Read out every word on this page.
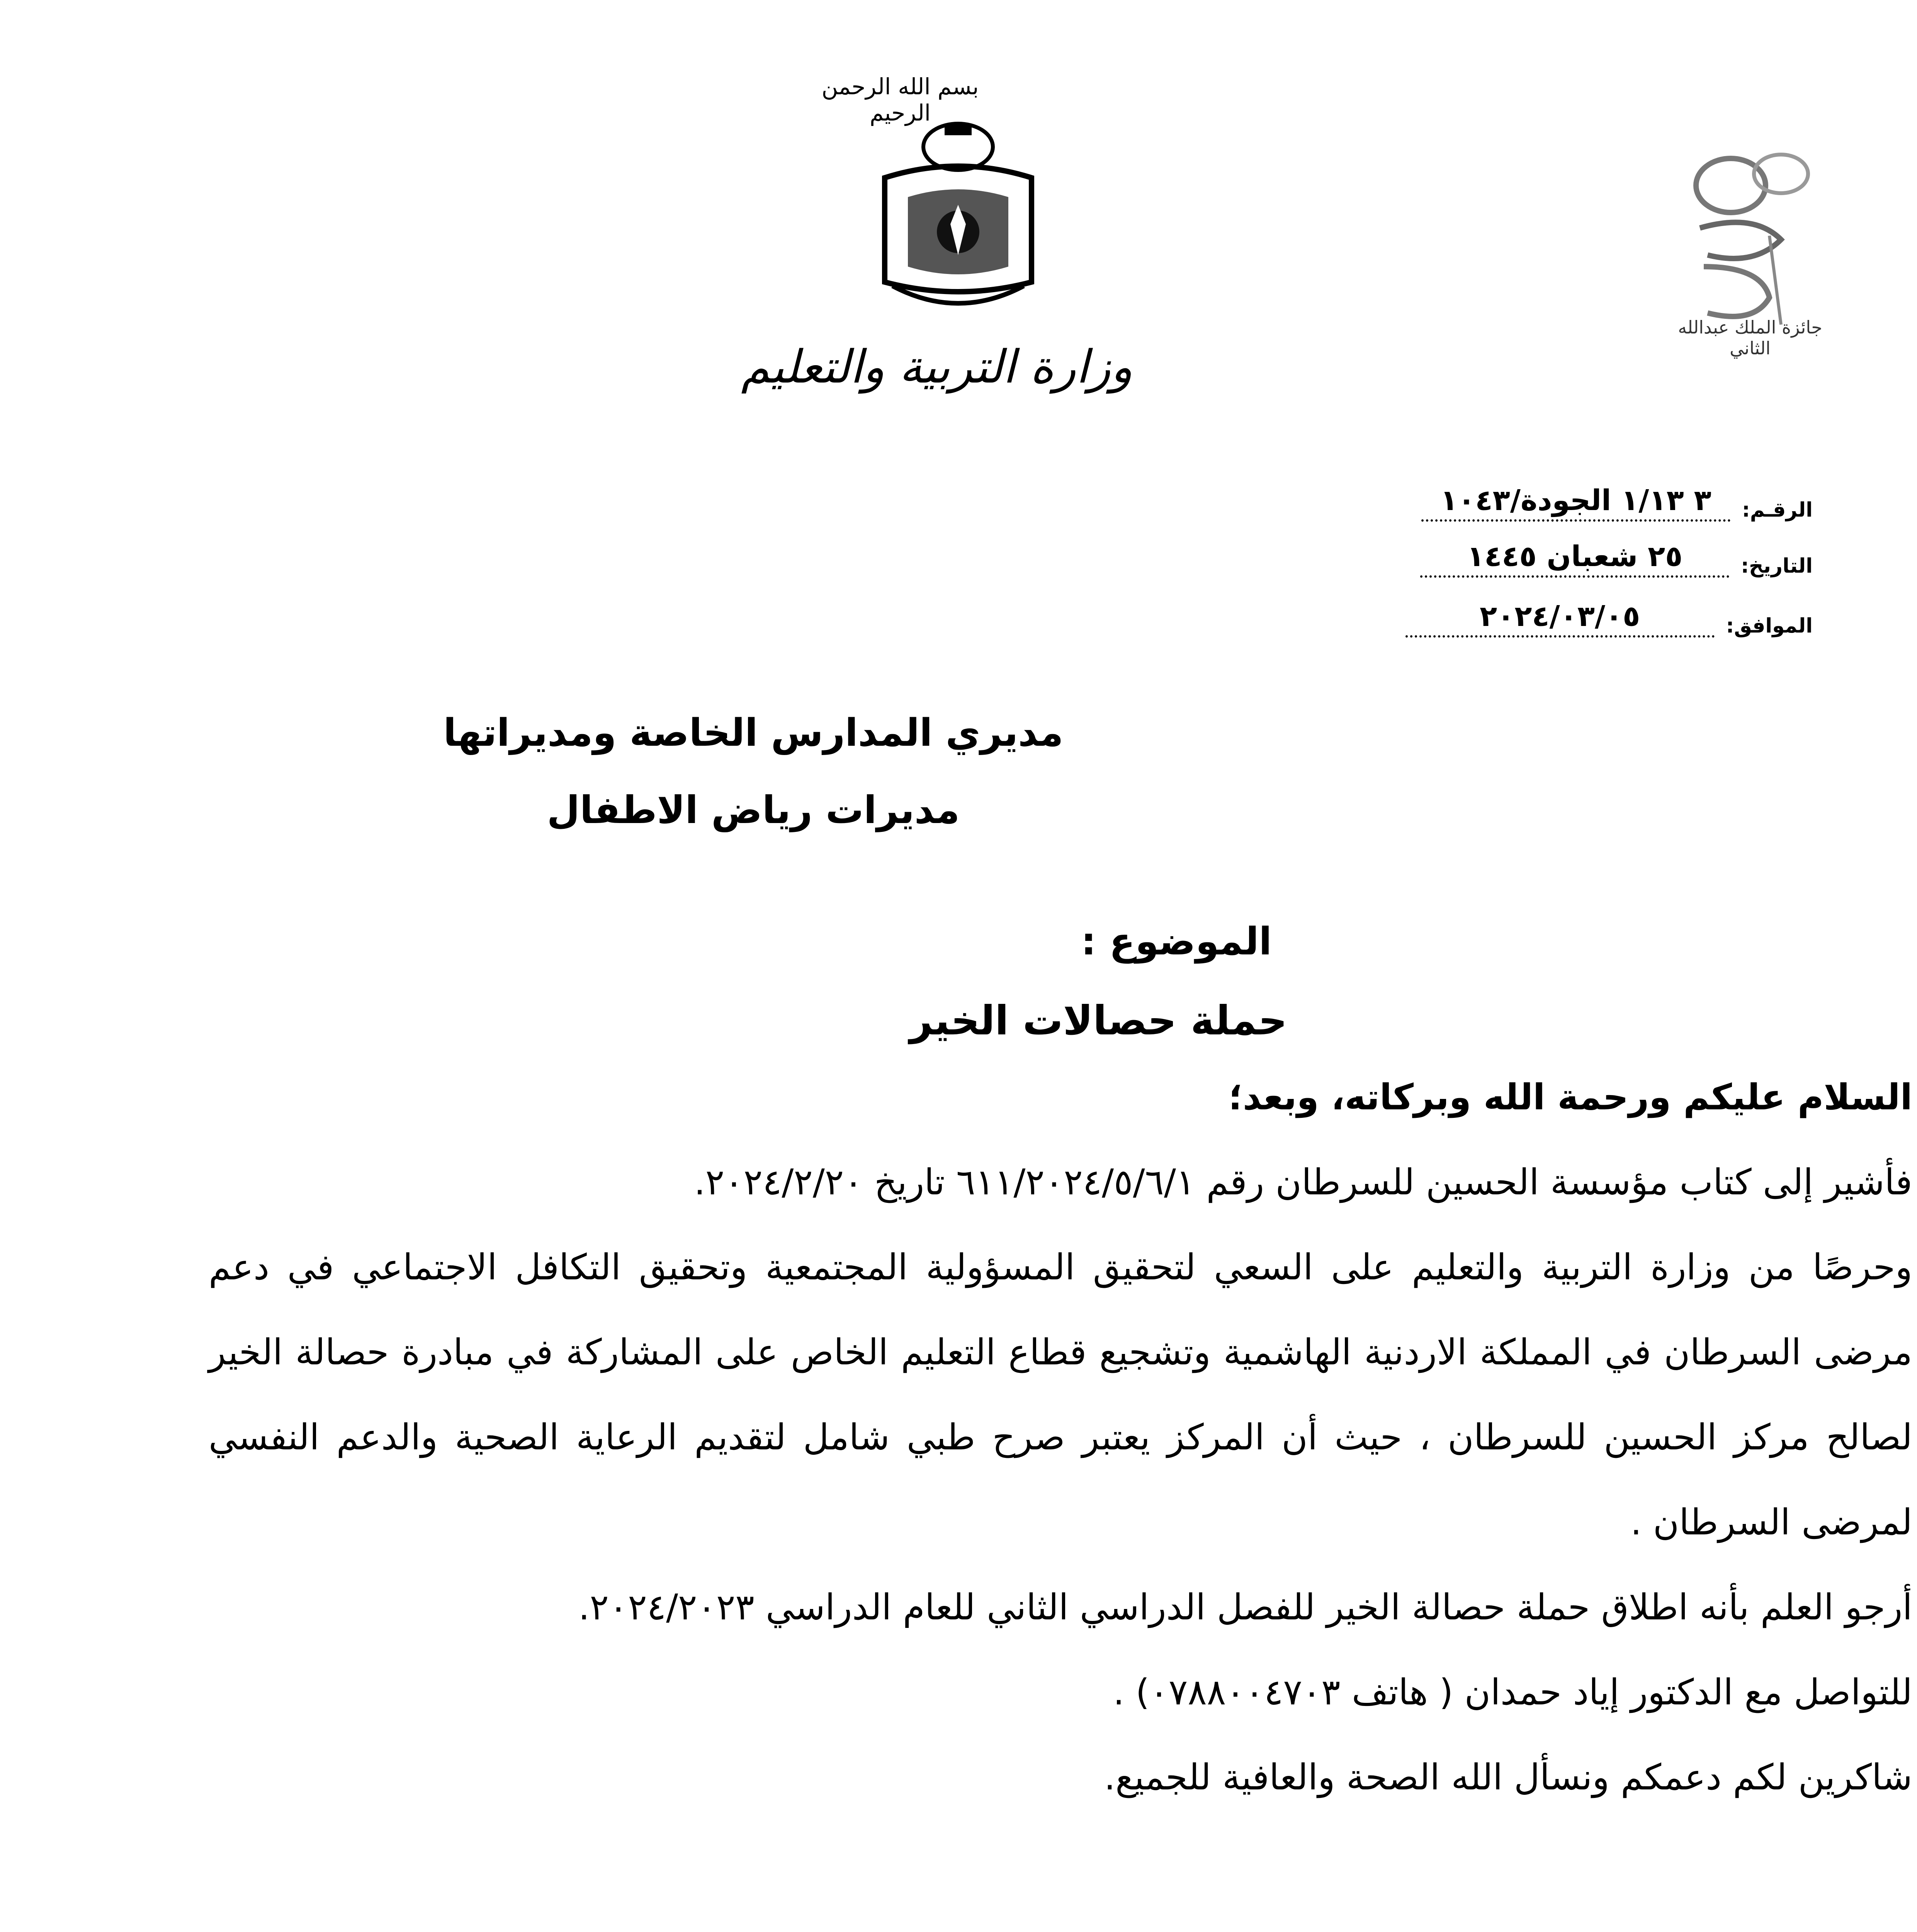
بسم الله الرحمن الرحيم
وزارة التربية والتعليم
جائزة الملك عبدالله الثاني
الرقـم:
٣ ١/١٣ الجودة/١٠٤٣
التاريخ:
٢٥ شعبان ١٤٤٥
الموافق:
٢٠٢٤/٠٣/٠٥
مديري المدارس الخاصة ومديراتها
مديرات رياض الاطفال
الموضوع :
حملة حصالات الخير

السلام عليكم ورحمة الله وبركاته، وبعد؛

فأشير إلى كتاب مؤسسة الحسين للسرطان رقم ٦١١/٢٠٢٤/٥/٦/١ تاريخ ٢٠٢٤/٢/٢٠.

وحرصًا من وزارة التربية والتعليم على السعي لتحقيق المسؤولية المجتمعية وتحقيق التكافل الاجتماعي في دعم مرضى السرطان في المملكة الاردنية الهاشمية وتشجيع قطاع التعليم الخاص على المشاركة في مبادرة حصالة الخير لصالح مركز الحسين للسرطان ، حيث أن المركز يعتبر صرح طبي شامل لتقديم الرعاية الصحية والدعم النفسي لمرضى السرطان .

أرجو العلم بأنه اطلاق حملة حصالة الخير للفصل الدراسي الثاني للعام الدراسي ٢٠٢٤/٢٠٢٣.

للتواصل مع الدكتور إياد حمدان ( هاتف ٠٧٨٨٠٠٤٧٠٣) .

شاكرين لكم دعمكم ونسأل الله الصحة والعافية للجميع.
